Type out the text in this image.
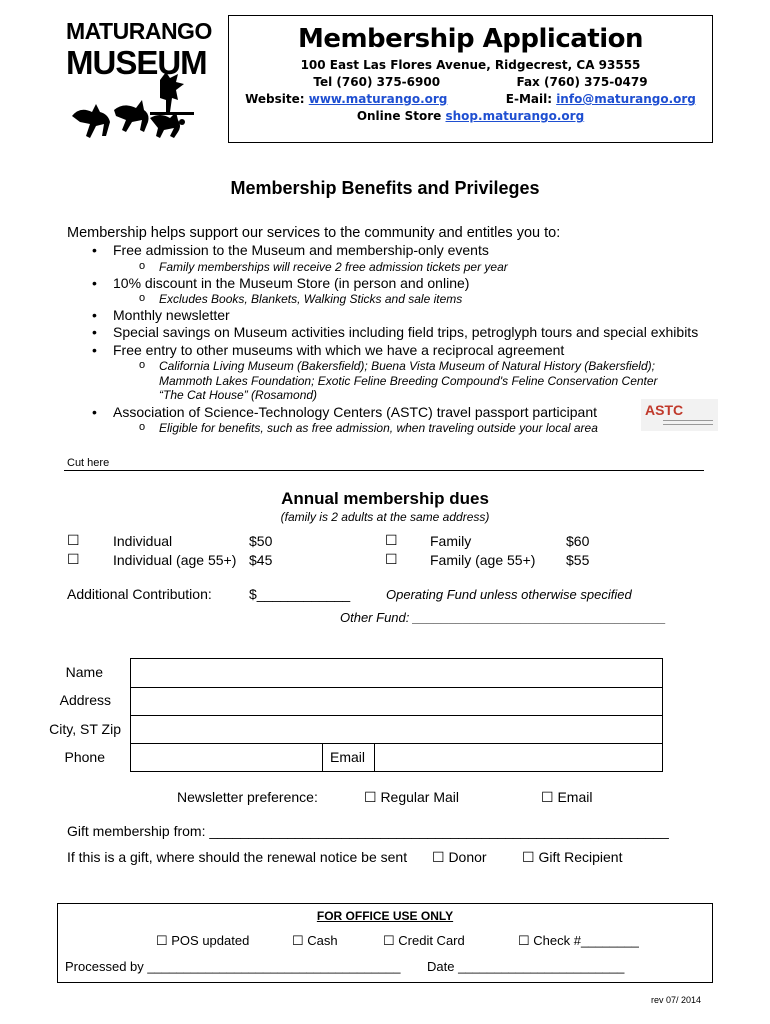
MATURANGO
MUSEUM
Membership Application
100 East Las Flores Avenue, Ridgecrest, CA 93555
Tel (760) 375-6900	Fax (760) 375-0479
Website: www.maturango.org	E-Mail: info@maturango.org
Online Store shop.maturango.org
Membership Benefits and Privileges
Membership helps support our services to the community and entitles you to:
• Free admission to the Museum and membership-only events
o Family memberships will receive 2 free admission tickets per year
• 10% discount in the Museum Store (in person and online)
o Excludes Books, Blankets, Walking Sticks and sale items
• Monthly newsletter
• Special savings on Museum activities including field trips, petroglyph tours and special exhibits
• Free entry to other museums with which we have a reciprocal agreement
o California Living Museum (Bakersfield); Buena Vista Museum of Natural History (Bakersfield);
Mammoth Lakes Foundation; Exotic Feline Breeding Compound's Feline Conservation Center
“The Cat House” (Rosamond)
• Association of Science-Technology Centers (ASTC) travel passport participant
o Eligible for benefits, such as free admission, when traveling outside your local area
ASTC
Cut here
Annual membership dues
(family is 2 adults at the same address)
☐ Individual	$50
☐ Individual (age 55+) $45
☐ Family	$60
☐ Family (age 55+) $55
Additional Contribution:	$____________	Operating Fund unless otherwise specified
Other Fund: ___________________________________
Name
Address
City, ST Zip
Phone	Email
Newsletter preference:	☐ Regular Mail	☐ Email
Gift membership from: ___________________________________________________________
If this is a gift, where should the renewal notice be sent ☐ Donor	☐ Gift Recipient
FOR OFFICE USE ONLY
☐ POS updated	☐ Cash	☐ Credit Card	☐ Check #________
Processed by ___________________________________ Date _______________________
rev 07/ 2014
